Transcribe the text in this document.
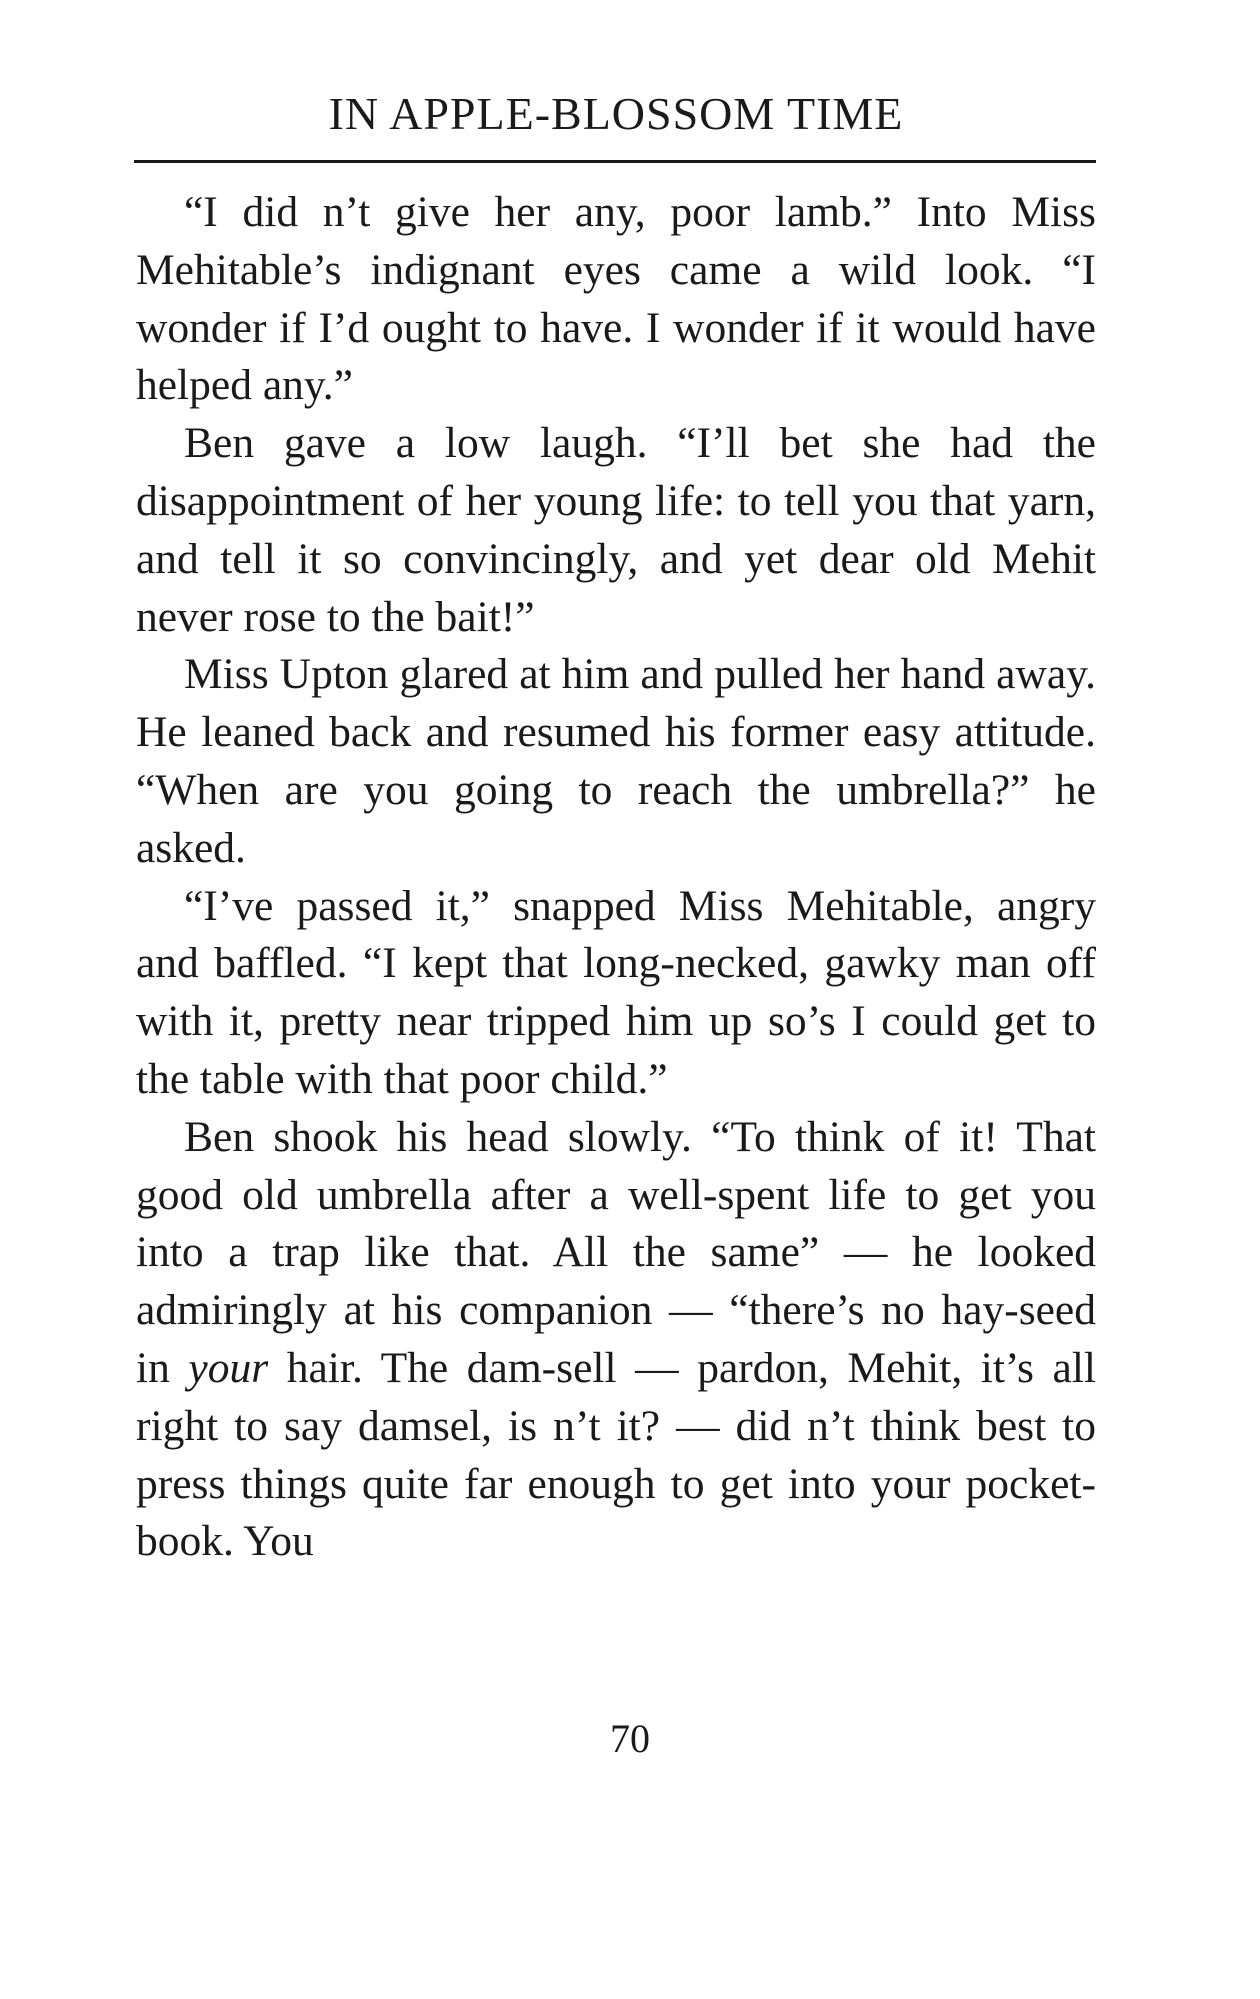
IN APPLE-BLOSSOM TIME

“I did n’t give her any, poor lamb.” Into Miss Mehitable’s indignant eyes came a wild look. “I wonder if I’d ought to have. I wonder if it would have helped any.”

Ben gave a low laugh. “I’ll bet she had the disappointment of her young life: to tell you that yarn, and tell it so convincingly, and yet dear old Mehit never rose to the bait!”

Miss Upton glared at him and pulled her hand away. He leaned back and resumed his former easy attitude. “When are you going to reach the umbrella?” he asked.

“I’ve passed it,” snapped Miss Mehitable, angry and baffled. “I kept that long-necked, gawky man off with it, pretty near tripped him up so’s I could get to the table with that poor child.”

Ben shook his head slowly. “To think of it! That good old umbrella after a well-spent life to get you into a trap like that. All the same” — he looked admiringly at his companion — “there’s no hay-seed in your hair. The dam-sell — pardon, Mehit, it’s all right to say damsel, is n’t it? — did n’t think best to press things quite far enough to get into your pocket-book. You

70
